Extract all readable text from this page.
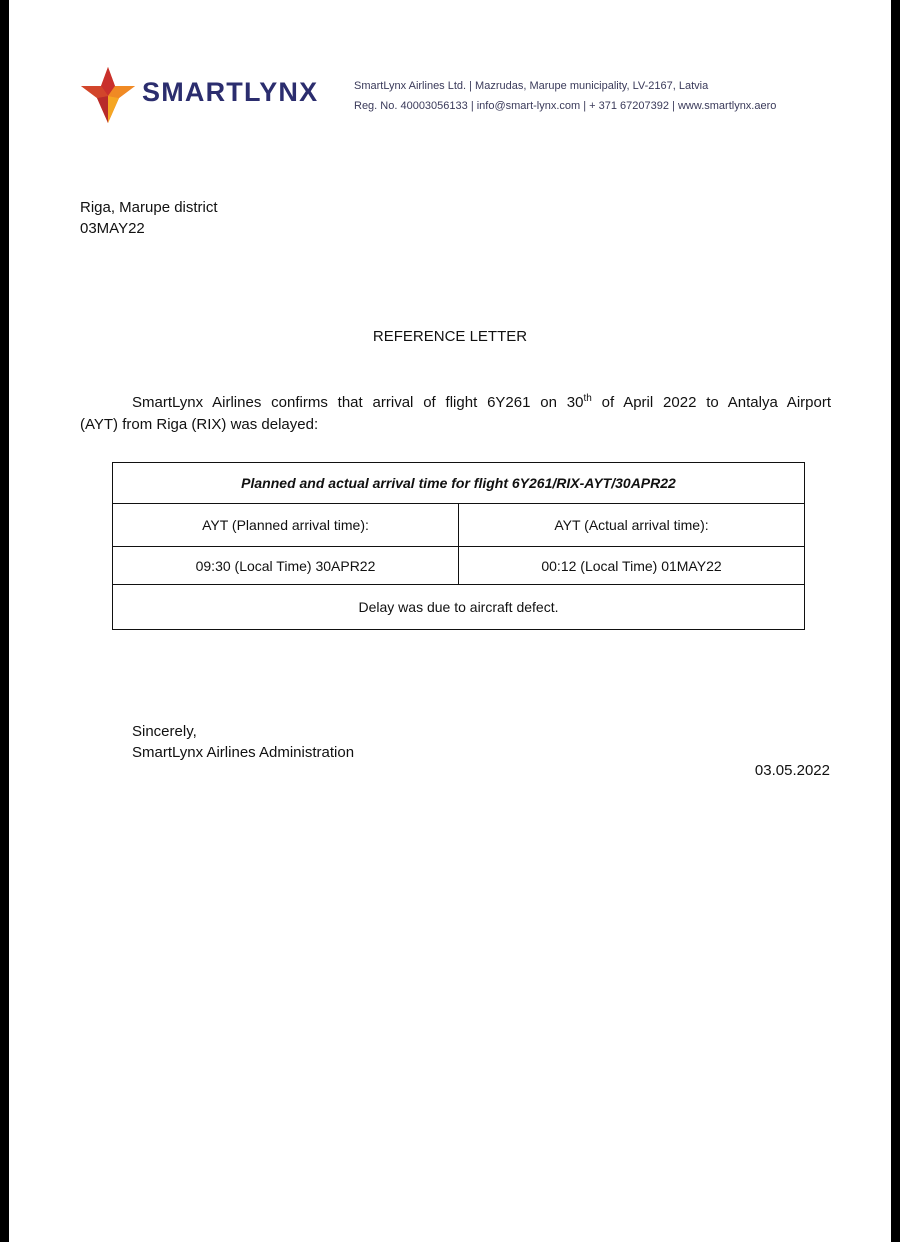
SMARTLYNX	SmartLynx Airlines Ltd. | Mazrudas, Marupe municipality, LV-2167, Latvia
Reg. No. 40003056133 | info@smart-lynx.com | + 371 67207392 | www.smartlynx.aero
Riga, Marupe district
03MAY22
REFERENCE LETTER
SmartLynx Airlines confirms that arrival of flight 6Y261 on 30th of April 2022 to Antalya Airport
(AYT) from Riga (RIX) was delayed:
Planned and actual arrival time for flight 6Y261/RIX-AYT/30APR22	
AYT (Planned arrival time):	AYT (Actual arrival time):
09:30 (Local Time) 30APR22	00:12 (Local Time) 01MAY22
Delay was due to aircraft defect.	
Sincerely,
SmartLynx Airlines Administration
03.05.2022
